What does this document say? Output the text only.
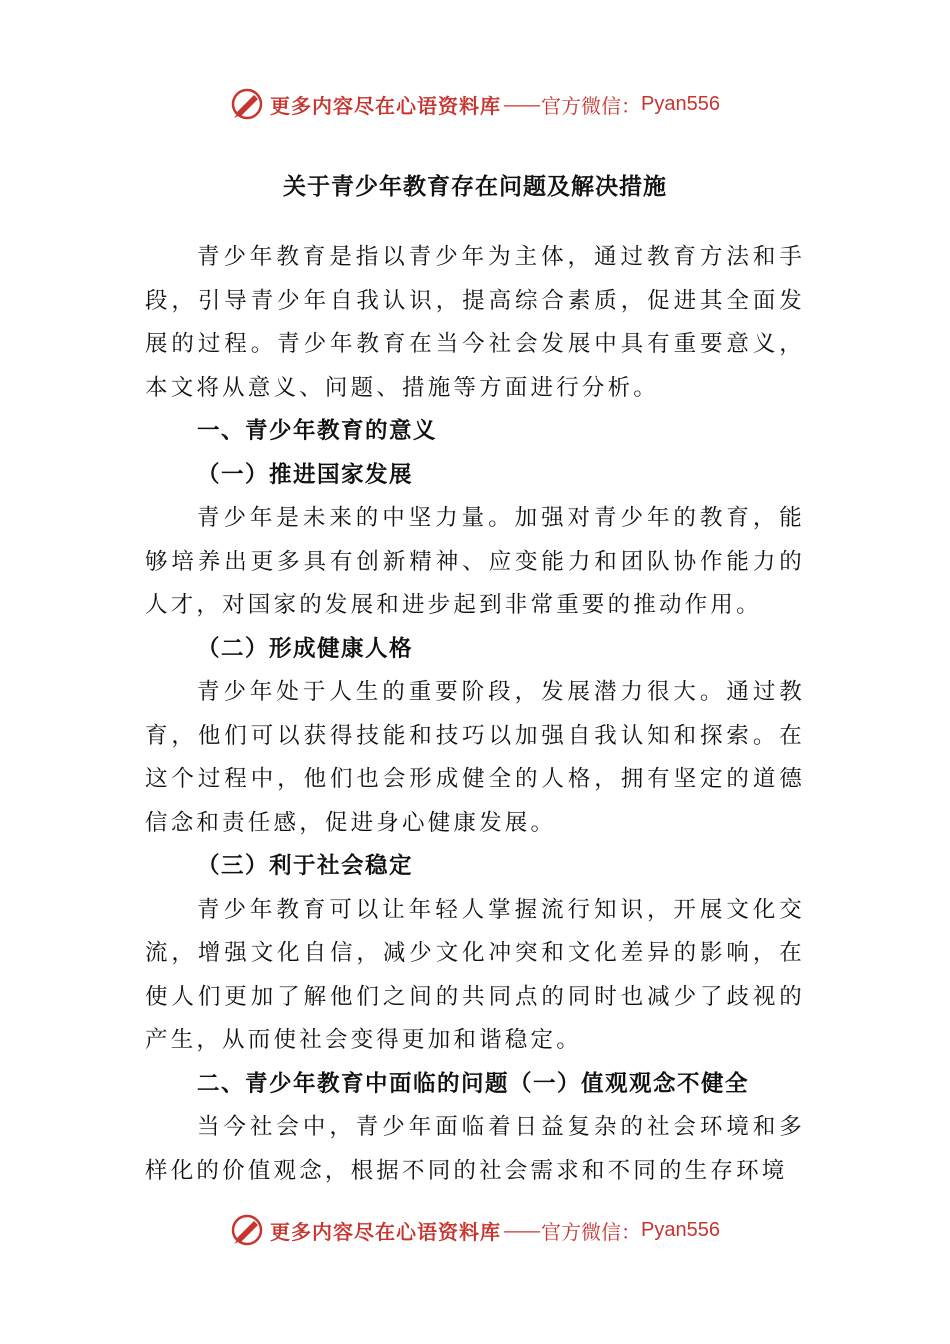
更多内容尽在心语资料库 —— 官方微信： Pyan556
关于青少年教育存在问题及解决措施

青少年教育是指以青少年为主体，通过教育方法和手段，引导青少年自我认识，提高综合素质，促进其全面发展的过程。青少年教育在当今社会发展中具有重要意义，本文将从意义、问题、措施等方面进行分析。

一、青少年教育的意义

（一）推进国家发展

青少年是未来的中坚力量。加强对青少年的教育，能够培养出更多具有创新精神、应变能力和团队协作能力的人才，对国家的发展和进步起到非常重要的推动作用。

（二）形成健康人格

青少年处于人生的重要阶段，发展潜力很大。通过教育，他们可以获得技能和技巧以加强自我认知和探索。在这个过程中，他们也会形成健全的人格，拥有坚定的道德信念和责任感，促进身心健康发展。

（三）利于社会稳定

青少年教育可以让年轻人掌握流行知识，开展文化交流，增强文化自信，减少文化冲突和文化差异的影响，在使人们更加了解他们之间的共同点的同时也减少了歧视的产生，从而使社会变得更加和谐稳定。

二、青少年教育中面临的问题（一）值观观念不健全

当今社会中，青少年面临着日益复杂的社会环境和多样化的价值观念，根据不同的社会需求和不同的生存环境

更多内容尽在心语资料库 —— 官方微信： Pyan556
